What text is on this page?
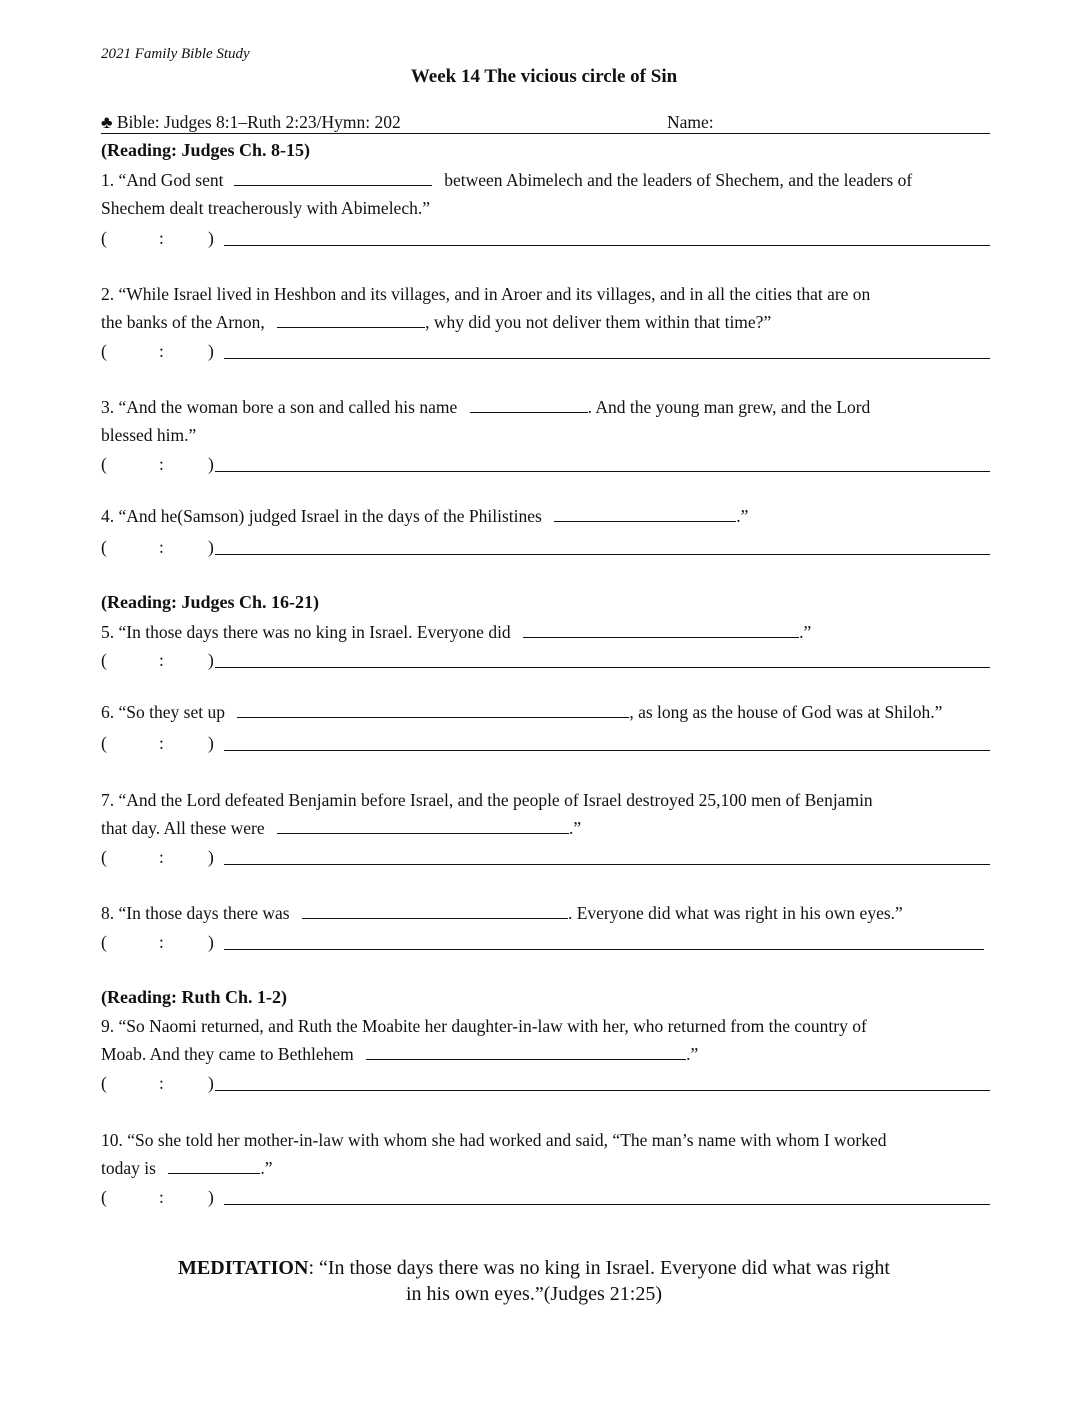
2021 Family Bible Study
Week 14 The vicious circle of Sin
♣ Bible: Judges 8:1–Ruth 2:23/Hymn: 202	Name:
(Reading: Judges Ch. 8-15)
1. “And God sent	between Abimelech and the leaders of Shechem, and the leaders of
Shechem dealt treacherously with Abimelech.”
(	:	)
2. “While Israel lived in Heshbon and its villages, and in Aroer and its villages, and in all the cities that are on
the banks of the Arnon,	, why did you not deliver them within that time?”
(	:	)
3. “And the woman bore a son and called his name	. And the young man grew, and the Lord
blessed him.”
(	:	)
4. “And he(Samson) judged Israel in the days of the Philistines	.”
(	:	)
(Reading: Judges Ch. 16-21)
5. “In those days there was no king in Israel. Everyone did	.”
(	:	)
6. “So they set up	, as long as the house of God was at Shiloh.”
(	:	)
7. “And the Lord defeated Benjamin before Israel, and the people of Israel destroyed 25,100 men of Benjamin
that day. All these were	.”
(	:	)
8. “In those days there was	. Everyone did what was right in his own eyes.”
(	:	)
(Reading: Ruth Ch. 1-2)
9. “So Naomi returned, and Ruth the Moabite her daughter-in-law with her, who returned from the country of
Moab. And they came to Bethlehem	.”
(	:	)
10. “So she told her mother-in-law with whom she had worked and said, “The man’s name with whom I worked
today is	.”
(	:	)
MEDITATION: “In those days there was no king in Israel. Everyone did what was right
in his own eyes.”(Judges 21:25)
